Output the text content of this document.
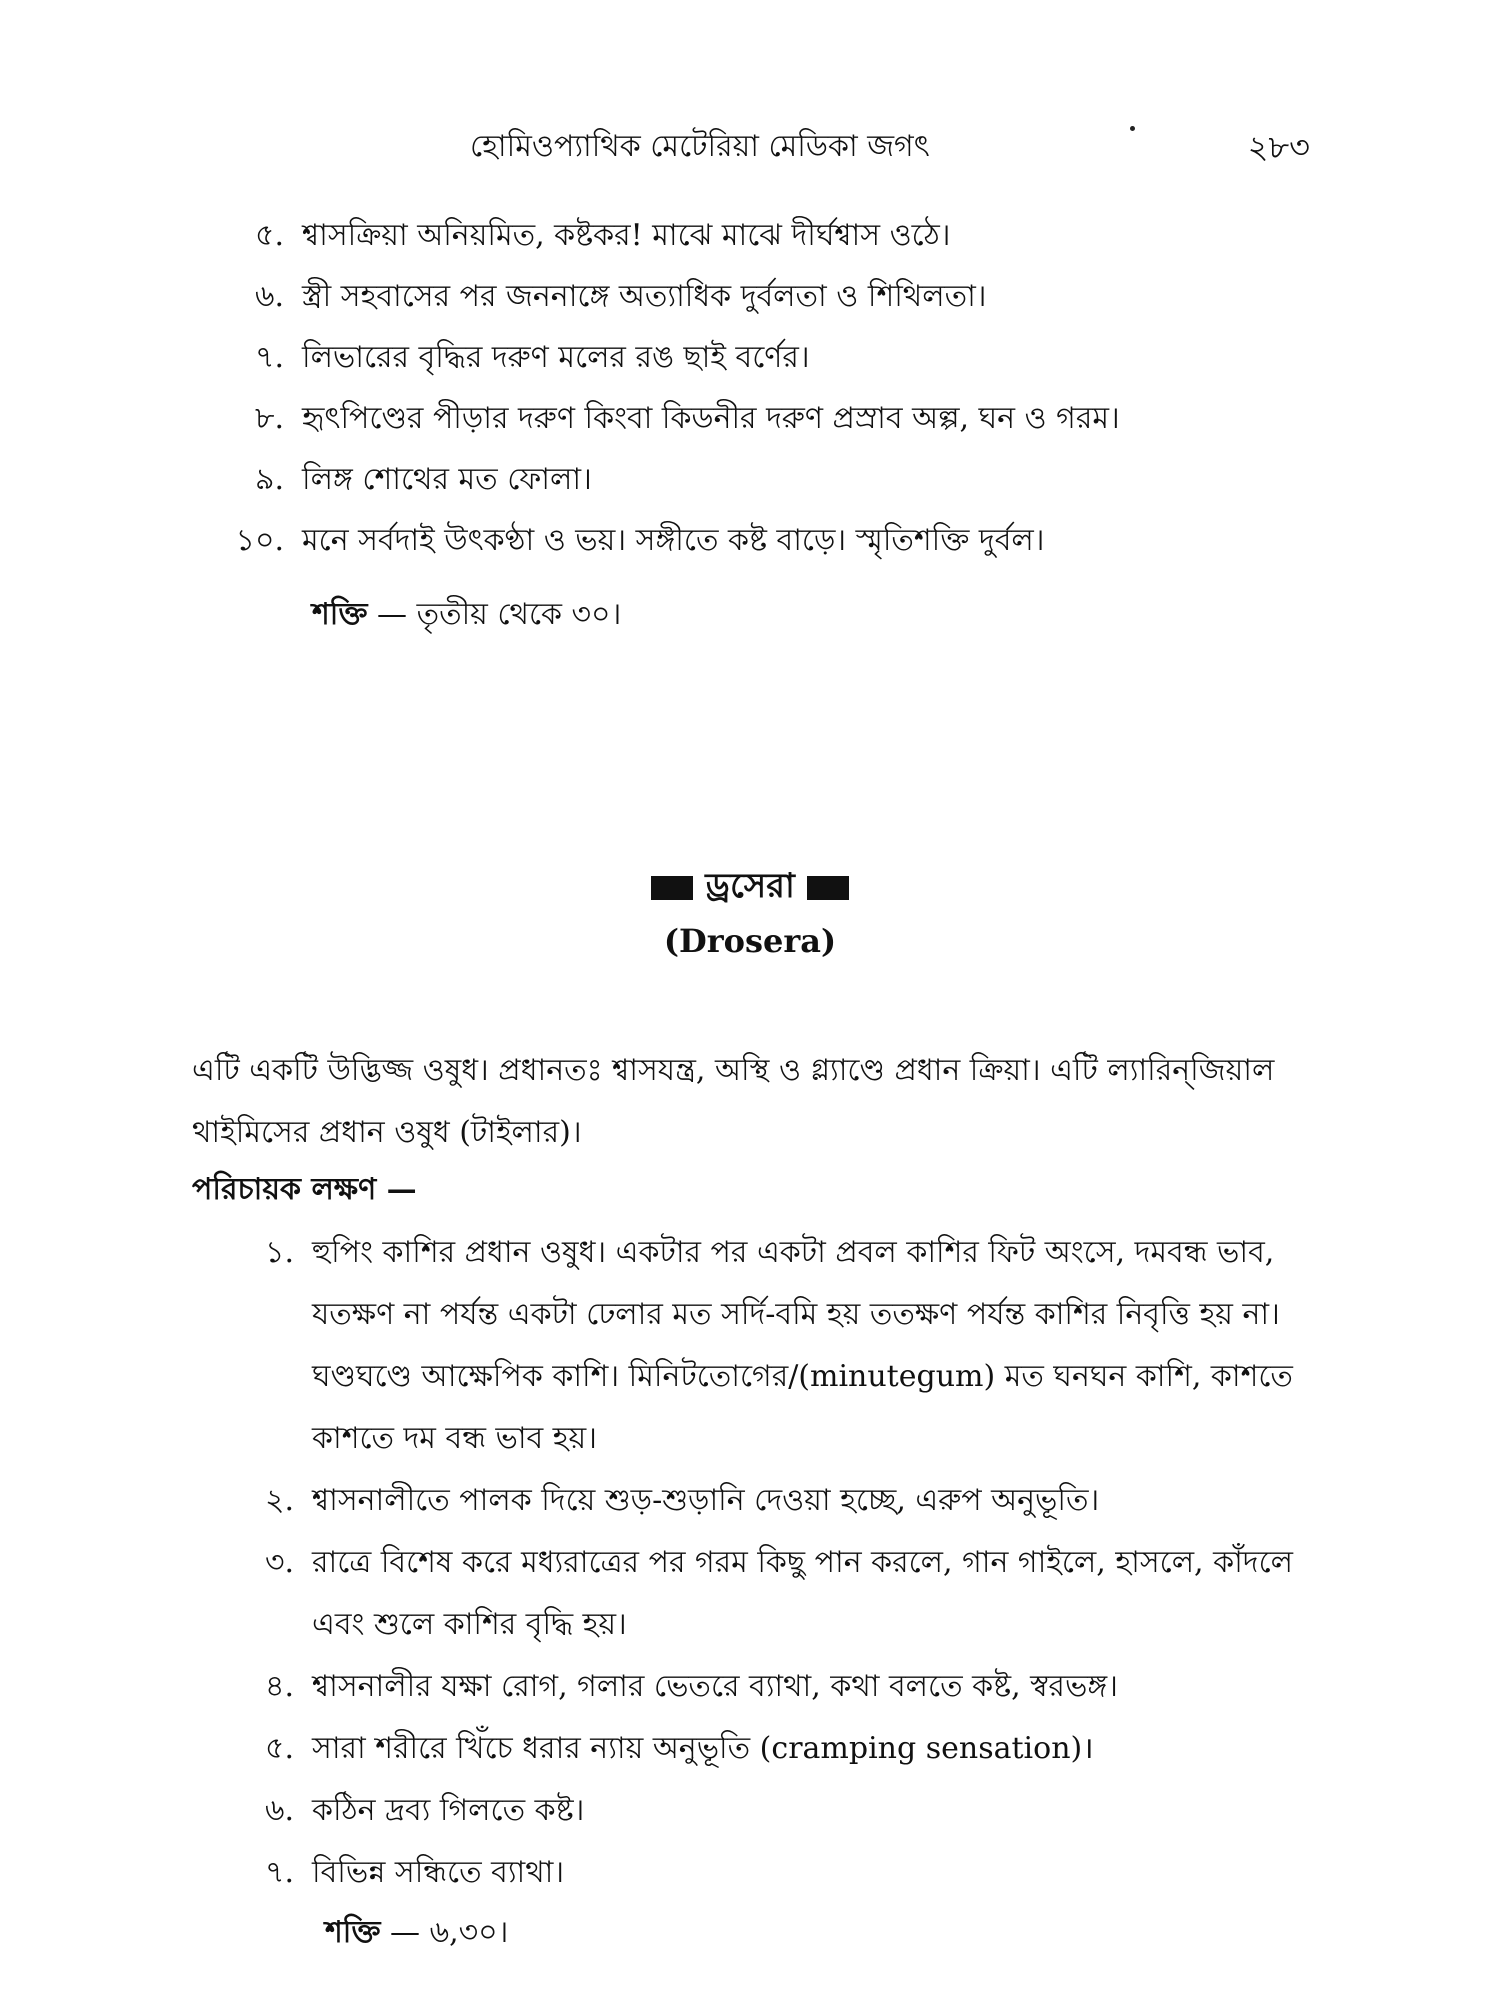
হোমিওপ্যাথিক মেটেরিয়া মেডিকা জগৎ	২৮৩
৫. শ্বাসক্রিয়া অনিয়মিত, কষ্টকর! মাঝে মাঝে দীর্ঘশ্বাস ওঠে।
৬. স্ত্রী সহবাসের পর জননাঙ্গে অত্যাধিক দুর্বলতা ও শিথিলতা।
৭. লিভারের বৃদ্ধির দরুণ মলের রঙ ছাই বর্ণের।
৮. হৃৎপিণ্ডের পীড়ার দরুণ কিংবা কিডনীর দরুণ প্রস্রাব অল্প, ঘন ও গরম।
৯. লিঙ্গ শোথের মত ফোলা।
১০. মনে সর্বদাই উৎকণ্ঠা ও ভয়। সঙ্গীতে কষ্ট বাড়ে। স্মৃতিশক্তি দুর্বল।
শক্তি — তৃতীয় থেকে ৩০।
ড্রসেরা
(Drosera)
এটি একটি উদ্ভিজ্জ ওষুধ। প্রধানতঃ শ্বাসযন্ত্র, অস্থি ও গ্ল্যাণ্ডে প্রধান ক্রিয়া। এটি ল্যারিন্‌জিয়াল
থাইমিসের প্রধান ওষুধ (টাইলার)।
পরিচায়ক লক্ষণ —
১. হুপিং কাশির প্রধান ওষুধ। একটার পর একটা প্রবল কাশির ফিট অংসে, দমবন্ধ ভাব, যতক্ষণ না পর্যন্ত একটা ঢেলার মত সর্দি-বমি হয় ততক্ষণ পর্যন্ত কাশির নিবৃত্তি হয় না। ঘণ্ডঘণ্ডে আক্ষেপিক কাশি। মিনিটতোগের/(minutegum) মত ঘনঘন কাশি, কাশতে কাশতে দম বন্ধ ভাব হয়।
২. শ্বাসনালীতে পালক দিয়ে শুড়-শুড়ানি দেওয়া হচ্ছে, এরুপ অনুভূতি।
৩. রাত্রে বিশেষ করে মধ্যরাত্রের পর গরম কিছু পান করলে, গান গাইলে, হাসলে, কাঁদলে এবং শুলে কাশির বৃদ্ধি হয়।
৪. শ্বাসনালীর যক্ষা রোগ, গলার ভেতরে ব্যাথা, কথা বলতে কষ্ট, স্বরভঙ্গ।
৫. সারা শরীরে খিঁচে ধরার ন্যায় অনুভূতি (cramping sensation)।
৬. কঠিন দ্রব্য গিলতে কষ্ট।
৭. বিভিন্ন সন্ধিতে ব্যাথা।
শক্তি — ৬,৩০।
